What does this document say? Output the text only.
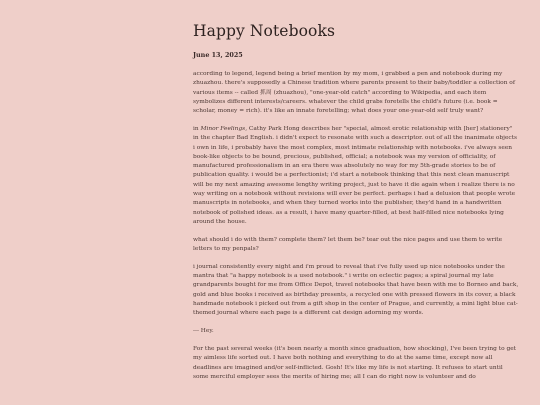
Happy Notebooks
June 13, 2025

according to legend, legend being a brief mention by my mom, i grabbed a pen and notebook during my zhuazhou. there's supposedly a Chinese tradition where parents present to their baby/toddler a collection of various items -- called 抓周 (zhuazhou), "one-year-old catch" according to Wikipedia, and each item symbolizes different interests/careers. whatever the child grabs foretells the child's future (i.e. book = scholar, money = rich). it's like an innate foretelling; what does your one-year-old self truly want?

in Minor Feelings, Cathy Park Hong describes her "special, almost erotic relationship with [her] stationery" in the chapter Bad English. i didn't expect to resonate with such a descriptor. out of all the inanimate objects i own in life, i probably have the most complex, most intimate relationship with notebooks. i've always seen book-like objects to be bound, precious, published, official; a notebook was my version of officiality, of manufactured professionalism in an era there was absolutely no way for my 5th-grade stories to be of publication quality. i would be a perfectionist; i'd start a notebook thinking that this next clean manuscript will be my next amazing awesome lengthy writing project, just to have it die again when i realize there is no way writing on a notebook without revisions will ever be perfect. perhaps i had a delusion that people wrote manuscripts in notebooks, and when they turned works into the publisher, they'd hand in a handwritten notebook of polished ideas. as a result, i have many quarter-filled, at best half-filled nice notebooks lying around the house.

what should i do with them? complete them? let them be? tear out the nice pages and use them to write letters to my penpals?

i journal consistently every night and i'm proud to reveal that i've fully used up nice notebooks under the mantra that "a happy notebook is a used notebook." i write on eclectic pages; a spiral journal my late grandparents bought for me from Office Depot, travel notebooks that have been with me to Borneo and back, gold and blue books i received as birthday presents, a recycled one with pressed flowers in its cover, a black handmade notebook i picked out from a gift shop in the center of Prague, and currently, a mini light blue cat-themed journal where each page is a different cat design adorning my words.

--- Hey.

For the past several weeks (it's been nearly a month since graduation, how shocking), I've been trying to get my aimless life sorted out. I have both nothing and everything to do at the same time, except now all deadlines are imagined and/or self-inflicted. Gosh! It's like my life is not starting. It refuses to start until some merciful employer sees the merits of hiring me; all I can do right now is volunteer and do
